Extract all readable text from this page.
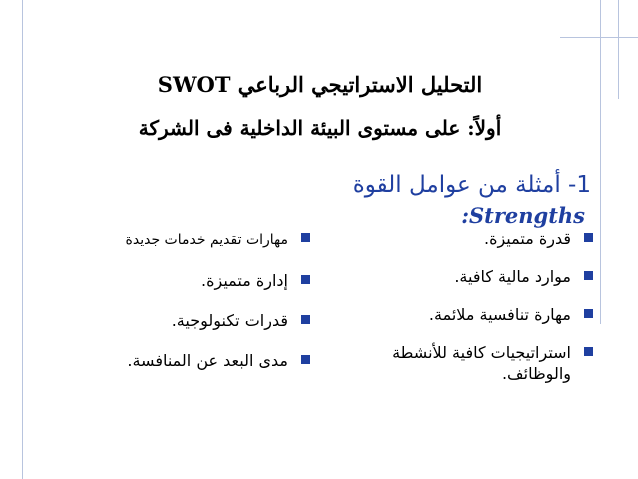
التحليل الاستراتيجي الرباعي SWOT
أولاً: على مستوى البيئة الداخلية فى الشركة
1- أمثلة من عوامل القوة
:Strengths
قدرة متميزة.
موارد مالية كافية.
مهارة تنافسية ملائمة.
استراتيجيات كافية للأنشطة والوظائف.
مهارات تقديم خدمات جديدة
إدارة متميزة.
قدرات تكنولوجية.
مدى البعد عن المنافسة.
